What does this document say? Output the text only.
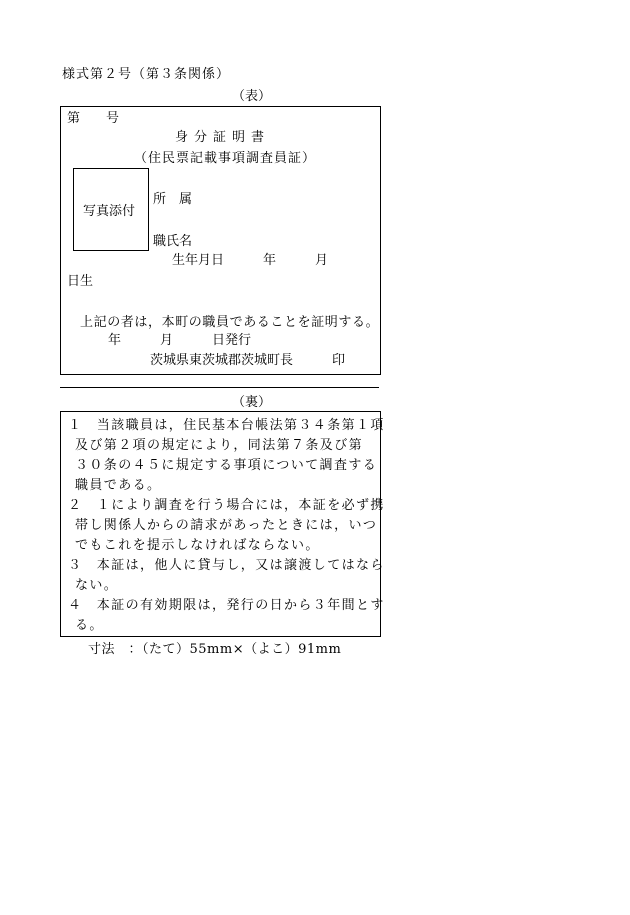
様式第２号（第３条関係）
（表）
第　　号
身分証明書
（住民票記載事項調査員証）
写真添付
所　属
職氏名
生年月日　　　年　　　月
日生
上記の者は，本町の職員であることを証明する。
年　　　月　　　日発行
茨城県東茨城郡茨城町長　　　印
（裏）
１　当該職員は，住民基本台帳法第３４条第１項
及び第２項の規定により，同法第７条及び第
３０条の４５に規定する事項について調査する
職員である。
２　１により調査を行う場合には，本証を必ず携
帯し関係人からの請求があったときには，いつ
でもこれを提示しなければならない。
３　本証は，他人に貸与し，又は譲渡してはなら
ない。
４　本証の有効期限は，発行の日から３年間とす
る。
寸法　：（たて）55mm×（よこ）91mm
